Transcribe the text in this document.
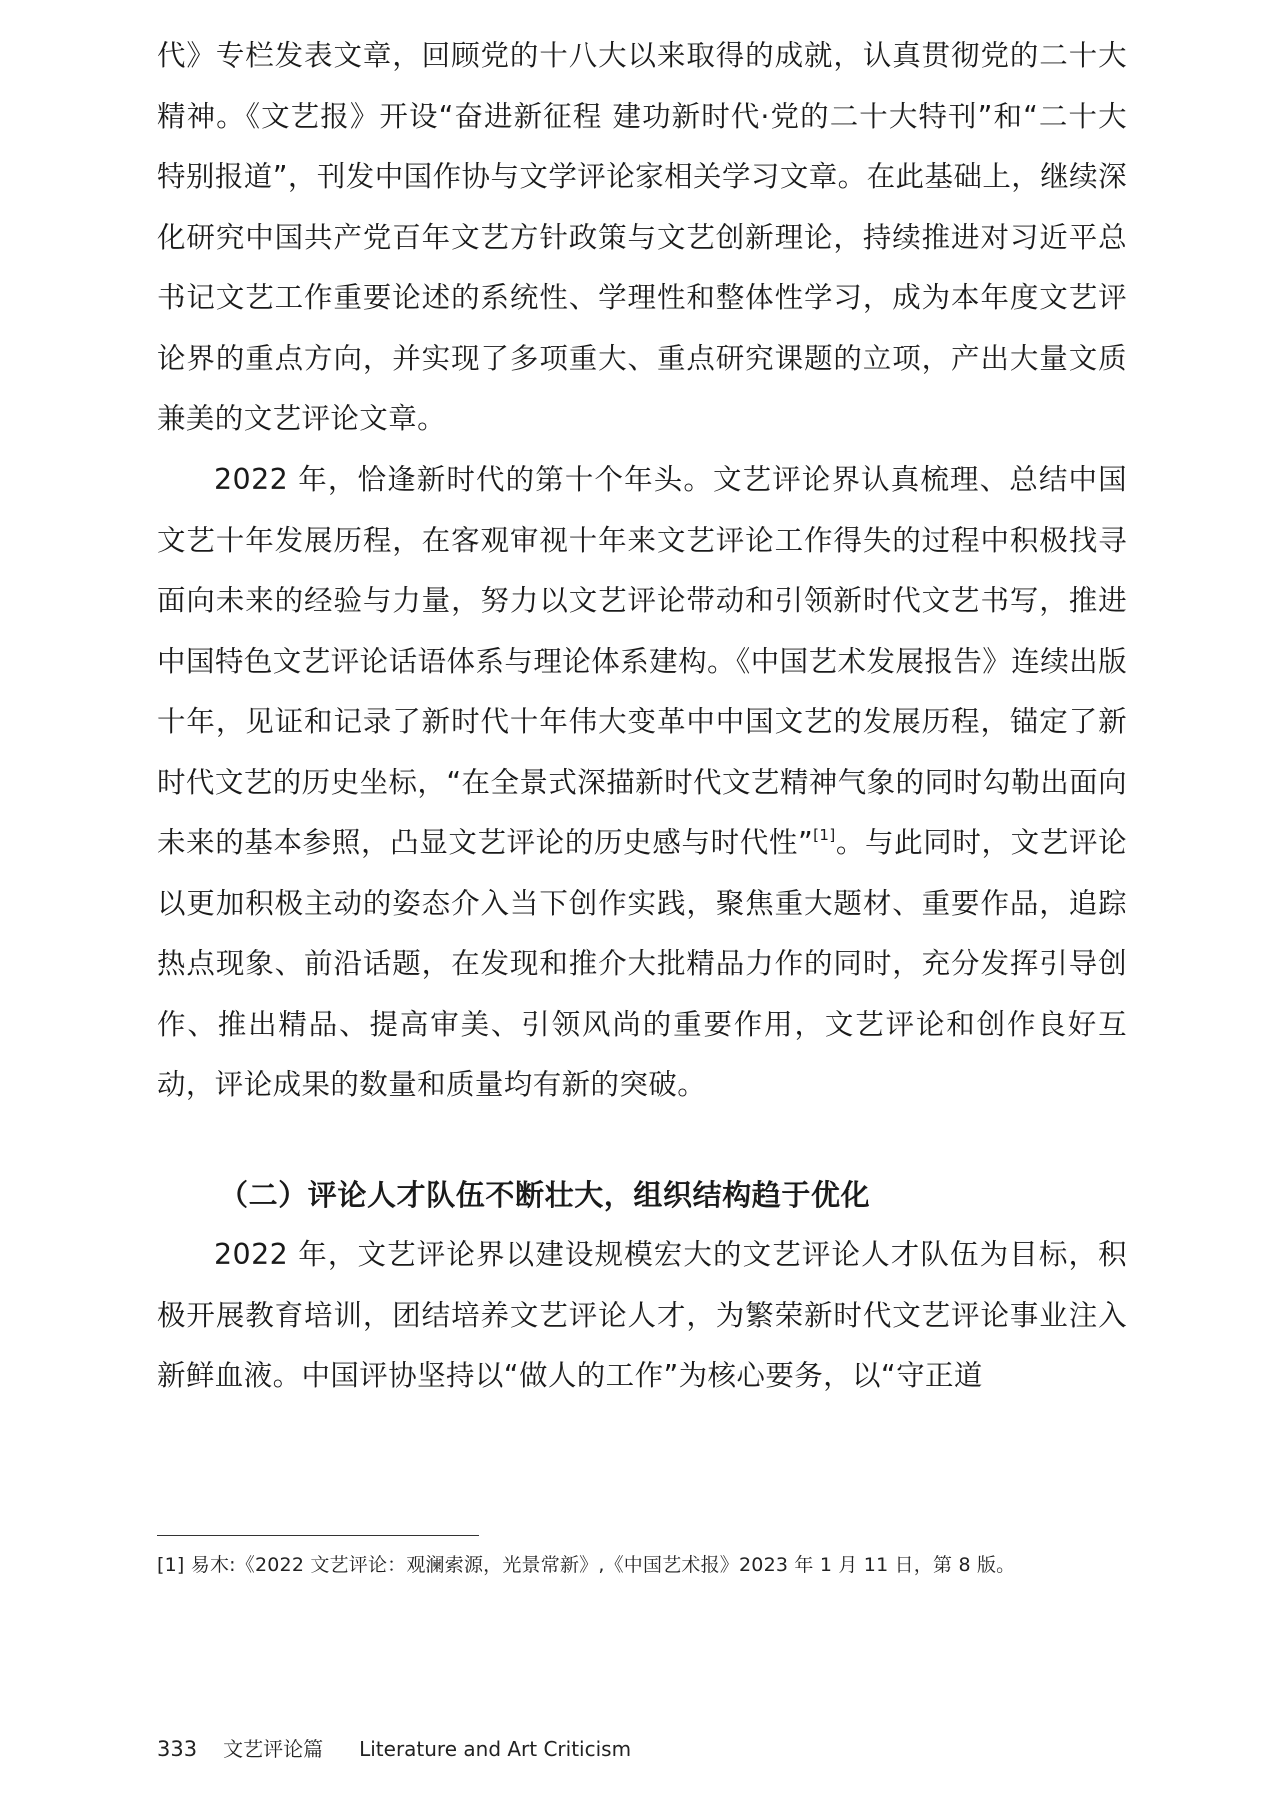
代》专栏发表文章，回顾党的十八大以来取得的成就，认真贯彻党的二十大精神。《文艺报》开设“奋进新征程 建功新时代·党的二十大特刊”和“二十大特别报道”，刊发中国作协与文学评论家相关学习文章。在此基础上，继续深化研究中国共产党百年文艺方针政策与文艺创新理论，持续推进对习近平总书记文艺工作重要论述的系统性、学理性和整体性学习，成为本年度文艺评论界的重点方向，并实现了多项重大、重点研究课题的立项，产出大量文质兼美的文艺评论文章。

2022 年，恰逢新时代的第十个年头。文艺评论界认真梳理、总结中国文艺十年发展历程，在客观审视十年来文艺评论工作得失的过程中积极找寻面向未来的经验与力量，努力以文艺评论带动和引领新时代文艺书写，推进中国特色文艺评论话语体系与理论体系建构。《中国艺术发展报告》连续出版十年，见证和记录了新时代十年伟大变革中中国文艺的发展历程，锚定了新时代文艺的历史坐标，“在全景式深描新时代文艺精神气象的同时勾勒出面向未来的基本参照，凸显文艺评论的历史感与时代性”[1]。与此同时，文艺评论以更加积极主动的姿态介入当下创作实践，聚焦重大题材、重要作品，追踪热点现象、前沿话题，在发现和推介大批精品力作的同时，充分发挥引导创作、推出精品、提高审美、引领风尚的重要作用，文艺评论和创作良好互动，评论成果的数量和质量均有新的突破。

（二）评论人才队伍不断壮大，组织结构趋于优化

2022 年，文艺评论界以建设规模宏大的文艺评论人才队伍为目标，积极开展教育培训，团结培养文艺评论人才，为繁荣新时代文艺评论事业注入新鲜血液。中国评协坚持以“做人的工作”为核心要务，以“守正道

[1] 易木:《2022 文艺评论：观澜索源，光景常新》,《中国艺术报》2023 年 1 月 11 日，第 8 版。

333 文艺评论篇 Literature and Art Criticism
